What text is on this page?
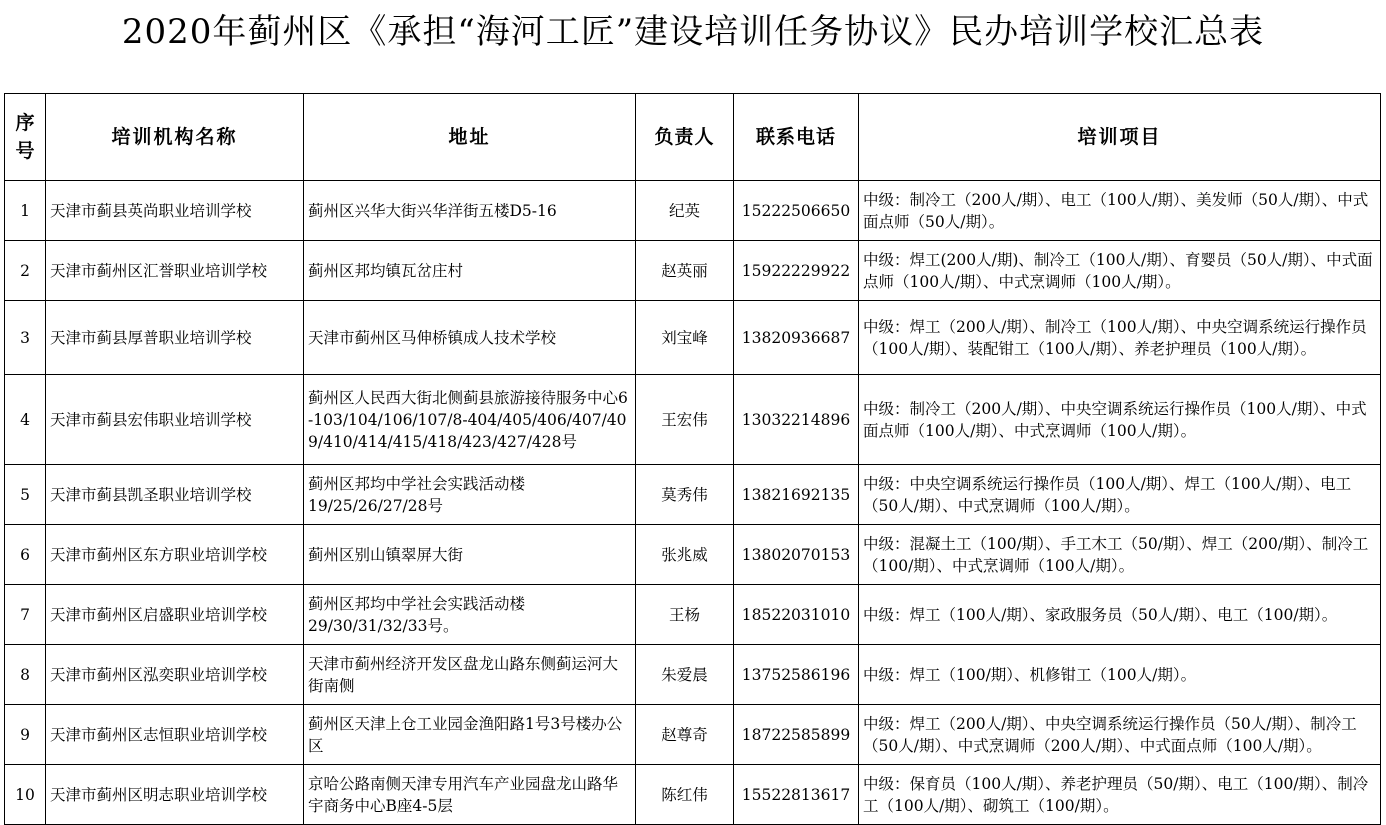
2020年蓟州区《承担“海河工匠”建设培训任务协议》民办培训学校汇总表
序
号	培训机构名称	地址	负责人	联系电话	培训项目
1	天津市蓟县英尚职业培训学校	蓟州区兴华大街兴华洋街五楼D5-16	纪英	15222506650	中级：制冷工（200人/期）、电工（100人/期）、美发师（50人/期）、中式面点师（50人/期）。
2	天津市蓟州区汇誉职业培训学校	蓟州区邦均镇瓦岔庄村	赵英丽	15922229922	中级：焊工(200人/期)、制冷工（100人/期）、育婴员（50人/期）、中式面点师（100人/期）、中式烹调师（100人/期）。
3	天津市蓟县厚普职业培训学校	天津市蓟州区马伸桥镇成人技术学校	刘宝峰	13820936687	中级：焊工（200人/期）、制冷工（100人/期）、中央空调系统运行操作员（100人/期）、装配钳工（100人/期）、养老护理员（100人/期）。
4	天津市蓟县宏伟职业培训学校	蓟州区人民西大街北侧蓟县旅游接待服务中心6-103/104/106/107/8-404/405/406/407/409/410/414/415/418/423/427/428号	王宏伟	13032214896	中级：制冷工（200人/期）、中央空调系统运行操作员（100人/期）、中式面点师（100人/期）、中式烹调师（100人/期）。
5	天津市蓟县凯圣职业培训学校	蓟州区邦均中学社会实践活动楼19/25/26/27/28号	莫秀伟	13821692135	中级：中央空调系统运行操作员（100人/期）、焊工（100人/期）、电工（50人/期）、中式烹调师（100人/期）。
6	天津市蓟州区东方职业培训学校	蓟州区别山镇翠屏大街	张兆威	13802070153	中级：混凝土工（100/期）、手工木工（50/期）、焊工（200/期）、制冷工（100/期）、中式烹调师（100人/期）。
7	天津市蓟州区启盛职业培训学校	蓟州区邦均中学社会实践活动楼29/30/31/32/33号。	王杨	18522031010	中级：焊工（100人/期）、家政服务员（50人/期）、电工（100/期）。
8	天津市蓟州区泓奕职业培训学校	天津市蓟州经济开发区盘龙山路东侧蓟运河大街南侧	朱爱晨	13752586196	中级：焊工（100/期）、机修钳工（100人/期）。
9	天津市蓟州区志恒职业培训学校	蓟州区天津上仓工业园金渔阳路1号3号楼办公区	赵尊奇	18722585899	中级：焊工（200人/期）、中央空调系统运行操作员（50人/期）、制冷工（50人/期）、中式烹调师（200人/期）、中式面点师（100人/期）。
10	天津市蓟州区明志职业培训学校	京哈公路南侧天津专用汽车产业园盘龙山路华宇商务中心B座4-5层	陈红伟	15522813617	中级：保育员（100人/期）、养老护理员（50/期）、电工（100/期）、制冷工（100人/期）、砌筑工（100/期）。
